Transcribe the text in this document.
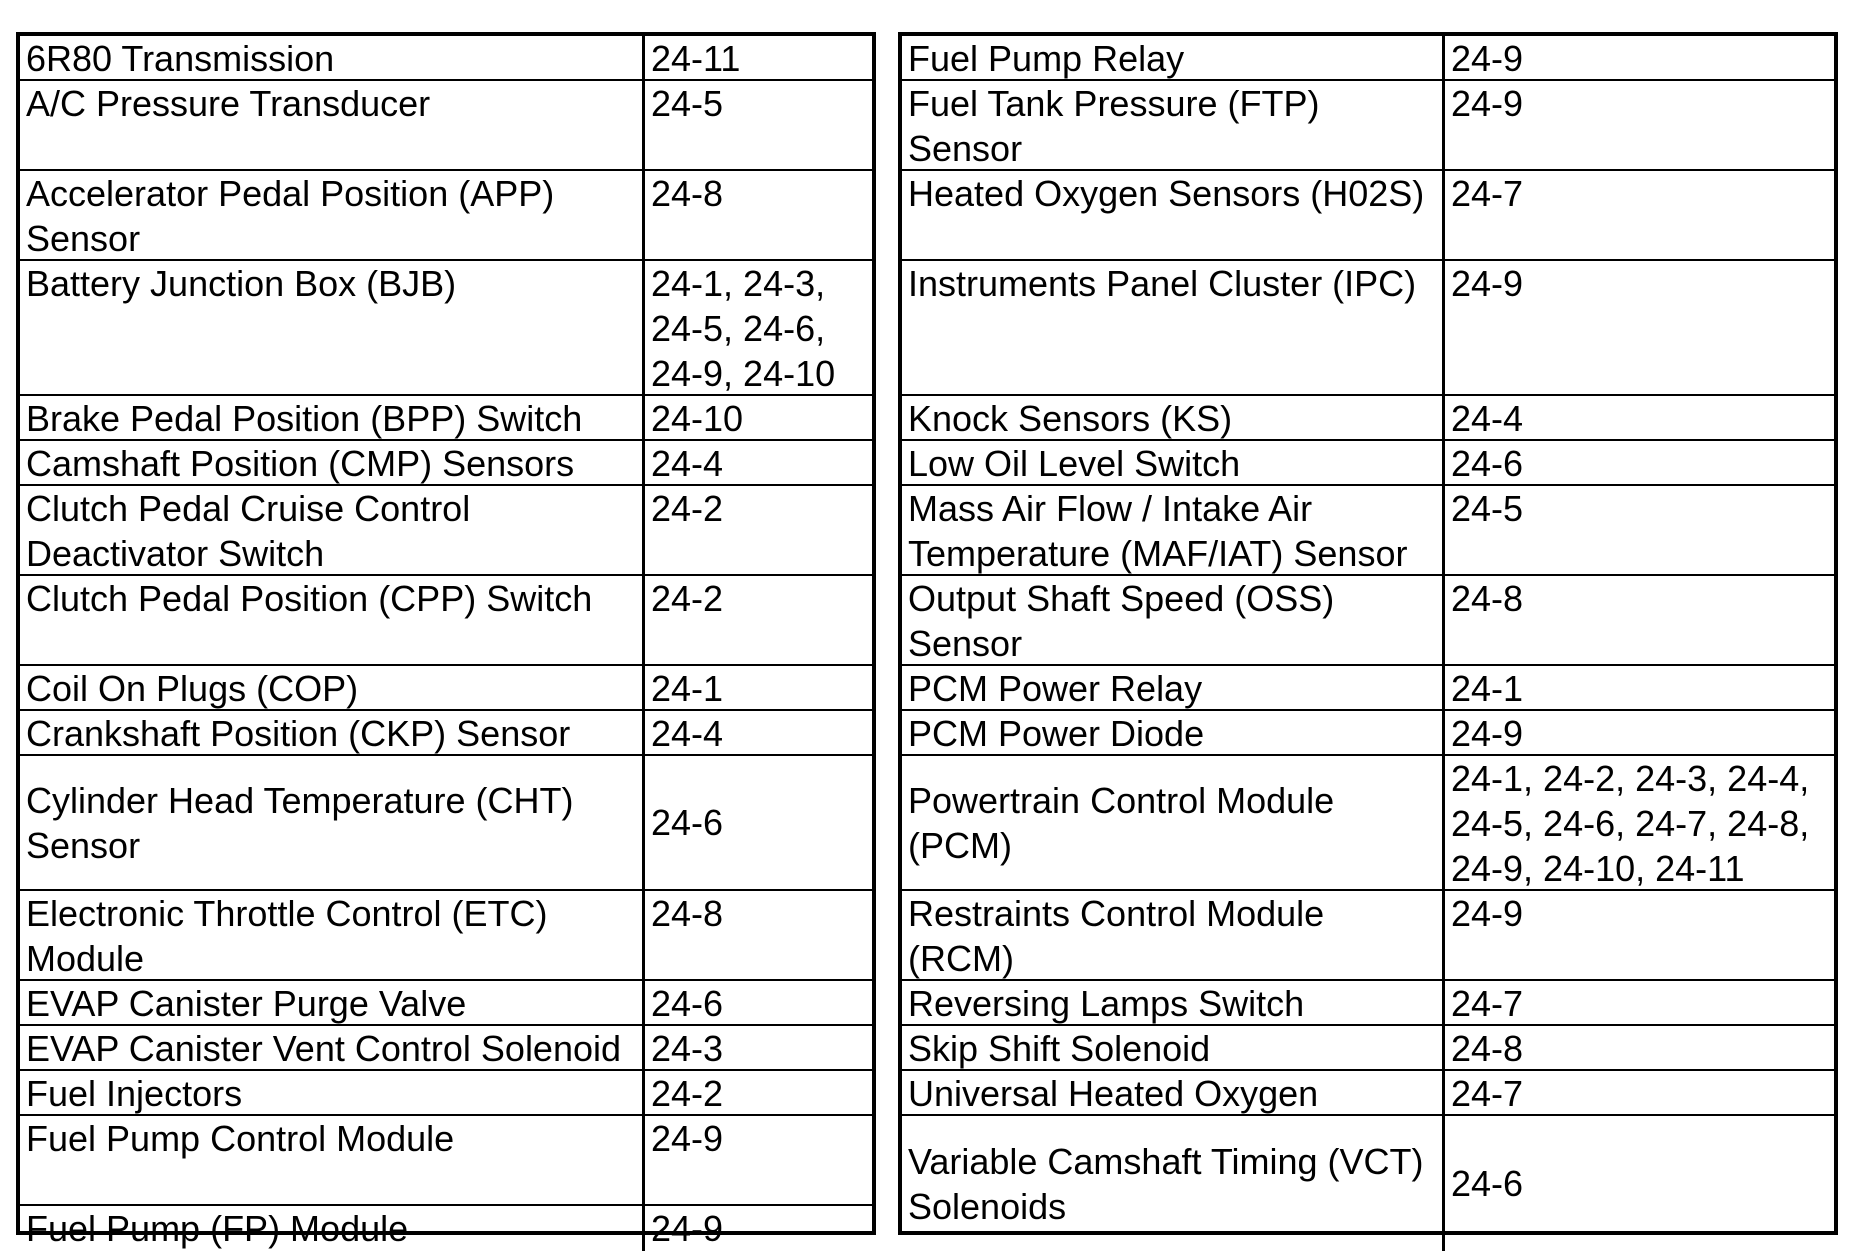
6R80 Transmission	24-11
A/C Pressure Transducer	24-5
Accelerator Pedal Position (APP)
Sensor
24-8
Battery Junction Box (BJB)	24-1, 24-3,
24-5, 24-6,
24-9, 24-10
Brake Pedal Position (BPP) Switch	24-10
Camshaft Position (CMP) Sensors	24-4
Clutch Pedal Cruise Control
Deactivator Switch
24-2
Clutch Pedal Position (CPP) Switch	24-2
Coil On Plugs (COP)	24-1
Crankshaft Position (CKP) Sensor	24-4
Cylinder Head Temperature (CHT)
Sensor
24-6
Electronic Throttle Control (ETC)
Module
24-8
EVAP Canister Purge Valve	24-6
EVAP Canister Vent Control Solenoid 24-3
Fuel Injectors	24-2
Fuel Pump Control Module	24-9
Fuel Pump (FP) Module	24-9
Fuel Pump Relay	24-9
Fuel Tank Pressure (FTP)
Sensor
24-9
Heated Oxygen Sensors (H02S) 24-7
Instruments Panel Cluster (IPC) 24-9
Knock Sensors (KS)	24-4
Low Oil Level Switch	24-6
Mass Air Flow / Intake Air
Temperature (MAF/IAT) Sensor
24-5
Output Shaft Speed (OSS)
Sensor
24-8
PCM Power Relay	24-1
PCM Power Diode	24-9
Powertrain Control Module
(PCM)
24-1, 24-2, 24-3, 24-4,
24-5, 24-6, 24-7, 24-8,
24-9, 24-10, 24-11
Restraints Control Module
(RCM)
24-9
Reversing Lamps Switch	24-7
Skip Shift Solenoid	24-8
Universal Heated Oxygen	24-7
Variable Camshaft Timing (VCT)
Solenoids
24-6
